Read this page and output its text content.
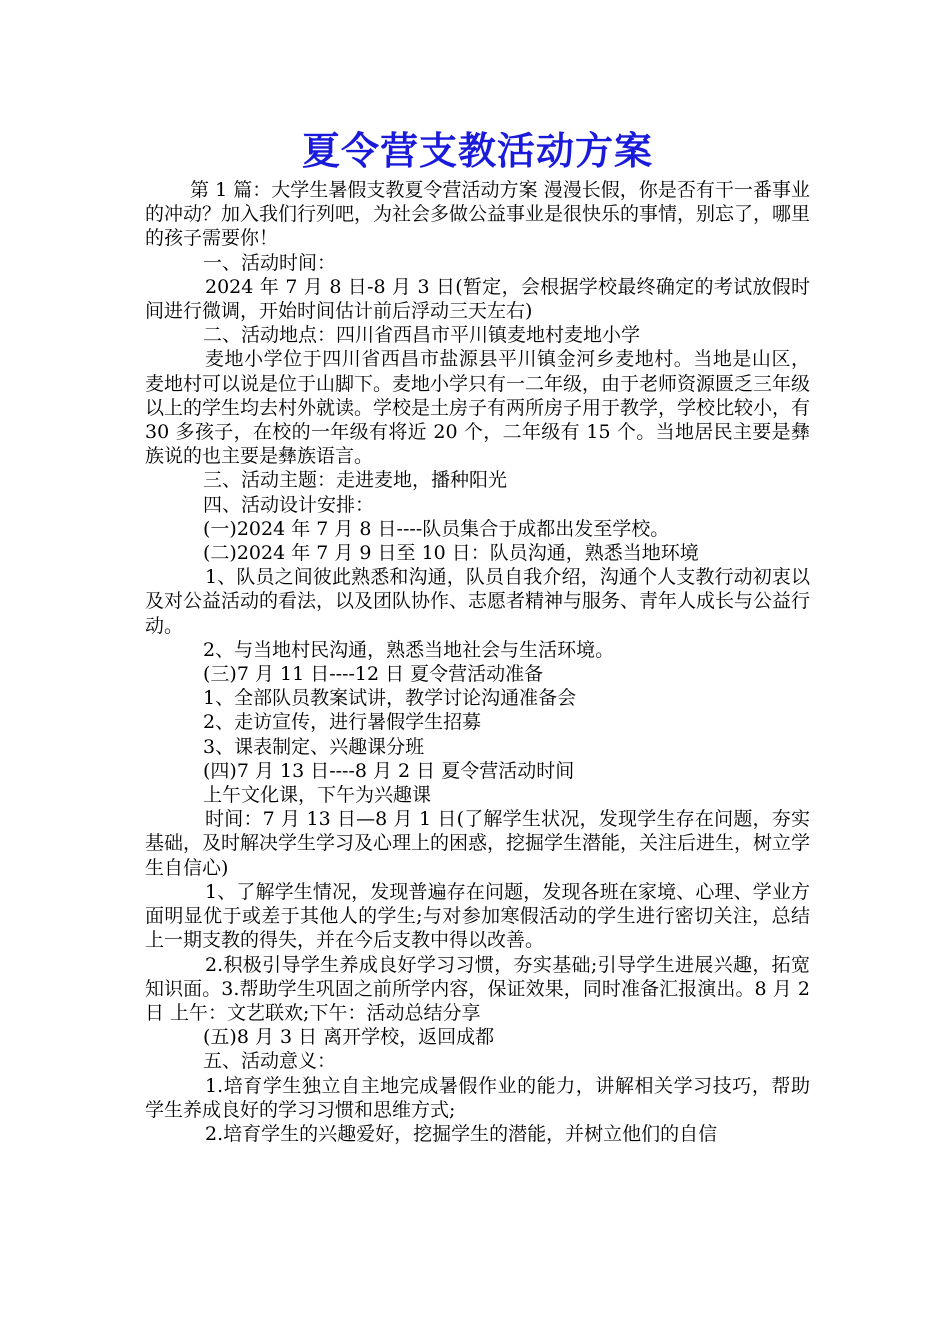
夏令营支教活动方案

第 1 篇：大学生暑假支教夏令营活动方案 漫漫长假，你是否有干一番事业的冲动？加入我们行列吧，为社会多做公益事业是很快乐的事情，别忘了，哪里的孩子需要你！

一、活动时间：

2024 年 7 月 8 日-8 月 3 日(暂定，会根据学校最终确定的考试放假时间进行微调，开始时间估计前后浮动三天左右)

二、活动地点：四川省西昌市平川镇麦地村麦地小学

麦地小学位于四川省西昌市盐源县平川镇金河乡麦地村。当地是山区，麦地村可以说是位于山脚下。麦地小学只有一二年级，由于老师资源匮乏三年级以上的学生均去村外就读。学校是土房子有两所房子用于教学，学校比较小，有 30 多孩子，在校的一年级有将近 20 个，二年级有 15 个。当地居民主要是彝族说的也主要是彝族语言。

三、活动主题：走进麦地，播种阳光

四、活动设计安排：

(一)2024 年 7 月 8 日----队员集合于成都出发至学校。

(二)2024 年 7 月 9 日至 10 日：队员沟通，熟悉当地环境

1、队员之间彼此熟悉和沟通，队员自我介绍，沟通个人支教行动初衷以及对公益活动的看法，以及团队协作、志愿者精神与服务、青年人成长与公益行动。

2、与当地村民沟通，熟悉当地社会与生活环境。

(三)7 月 11 日----12 日 夏令营活动准备

1、全部队员教案试讲，教学讨论沟通准备会

2、走访宣传，进行暑假学生招募

3、课表制定、兴趣课分班

(四)7 月 13 日----8 月 2 日 夏令营活动时间

上午文化课，下午为兴趣课

时间：7 月 13 日—8 月 1 日(了解学生状况，发现学生存在问题，夯实基础，及时解决学生学习及心理上的困惑，挖掘学生潜能，关注后进生，树立学生自信心)

1、了解学生情况，发现普遍存在问题，发现各班在家境、心理、学业方面明显优于或差于其他人的学生;与对参加寒假活动的学生进行密切关注，总结上一期支教的得失，并在今后支教中得以改善。

2.积极引导学生养成良好学习习惯，夯实基础;引导学生进展兴趣，拓宽知识面。3.帮助学生巩固之前所学内容，保证效果，同时准备汇报演出。8 月 2 日 上午：文艺联欢;下午：活动总结分享

(五)8 月 3 日 离开学校，返回成都

五、活动意义：

1.培育学生独立自主地完成暑假作业的能力，讲解相关学习技巧，帮助学生养成良好的学习习惯和思维方式;

2.培育学生的兴趣爱好，挖掘学生的潜能，并树立他们的自信
